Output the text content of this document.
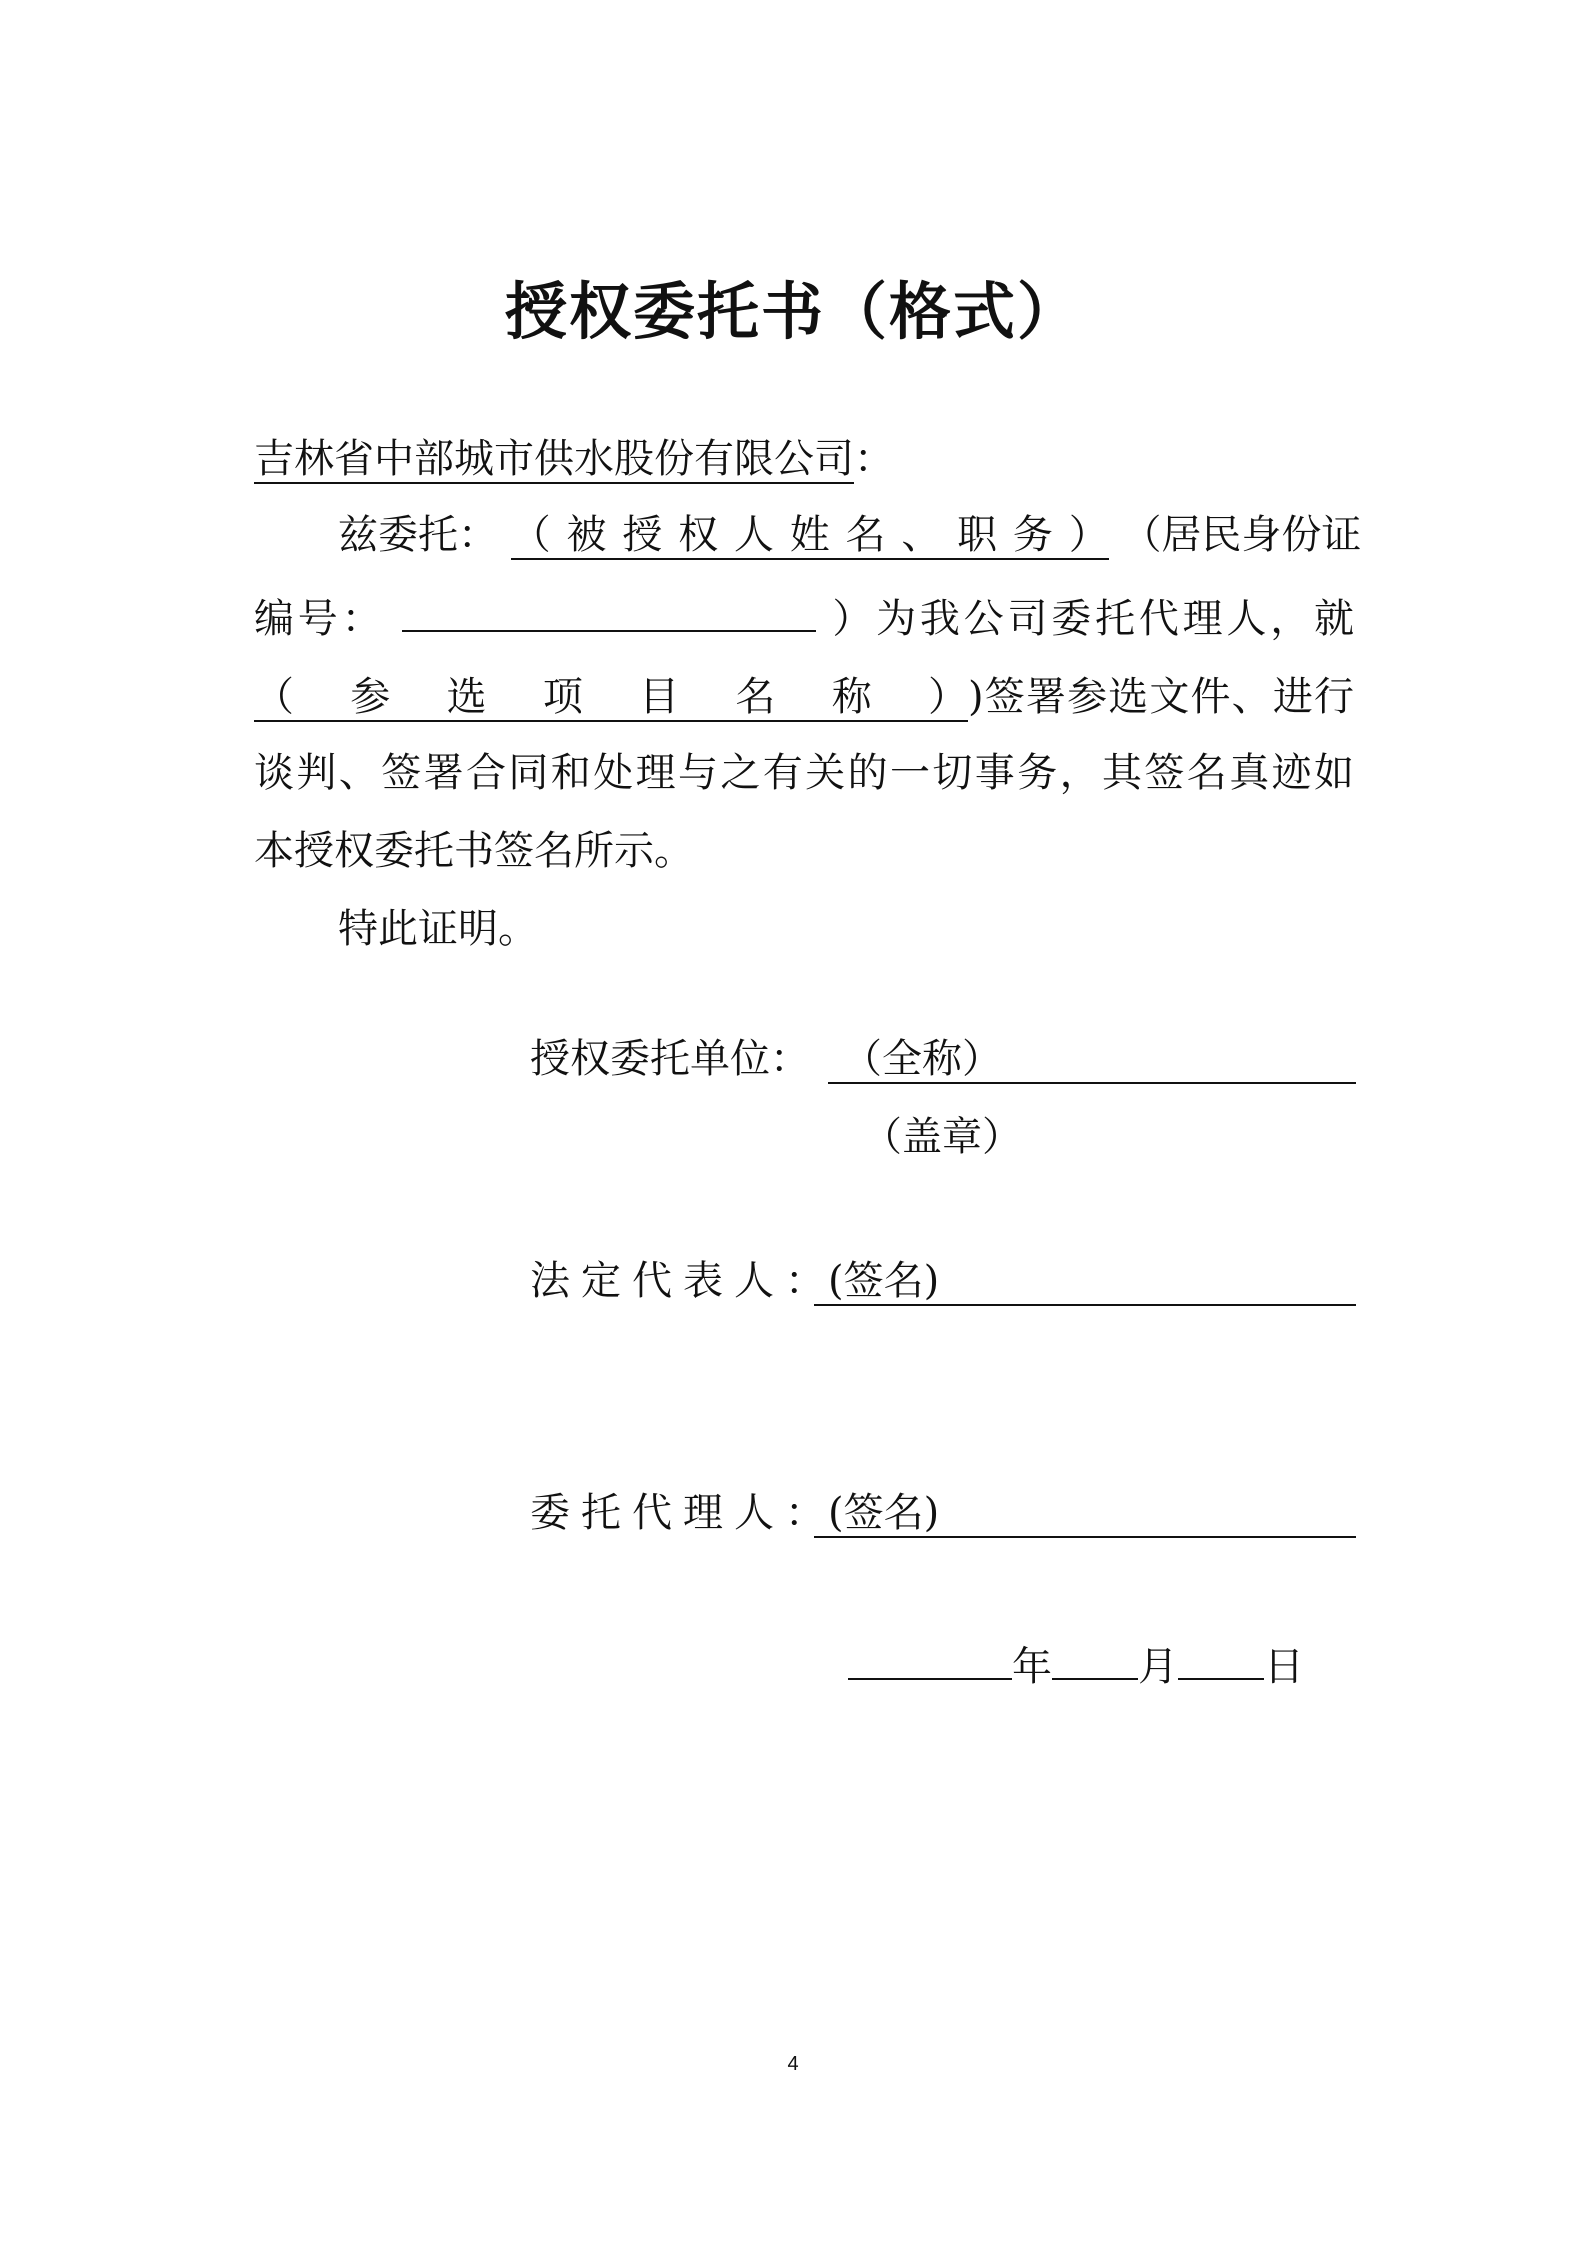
授权委托书（格式）
吉林省中部城市供水股份有限公司：
兹委托： （被授权人姓名、职务） （居民身份证
编号：	）为我公司委托代理人，就
（参选项目名称）)签署参选文件、进行
谈判、签署合同和处理与之有关的一切事务，其签名真迹如
本授权委托书签名所示。
特此证明。
授权委托单位： （全称）
（盖章）
法定代表人：
(签名)
委托代理人：
(签名)
年 月 日
4
